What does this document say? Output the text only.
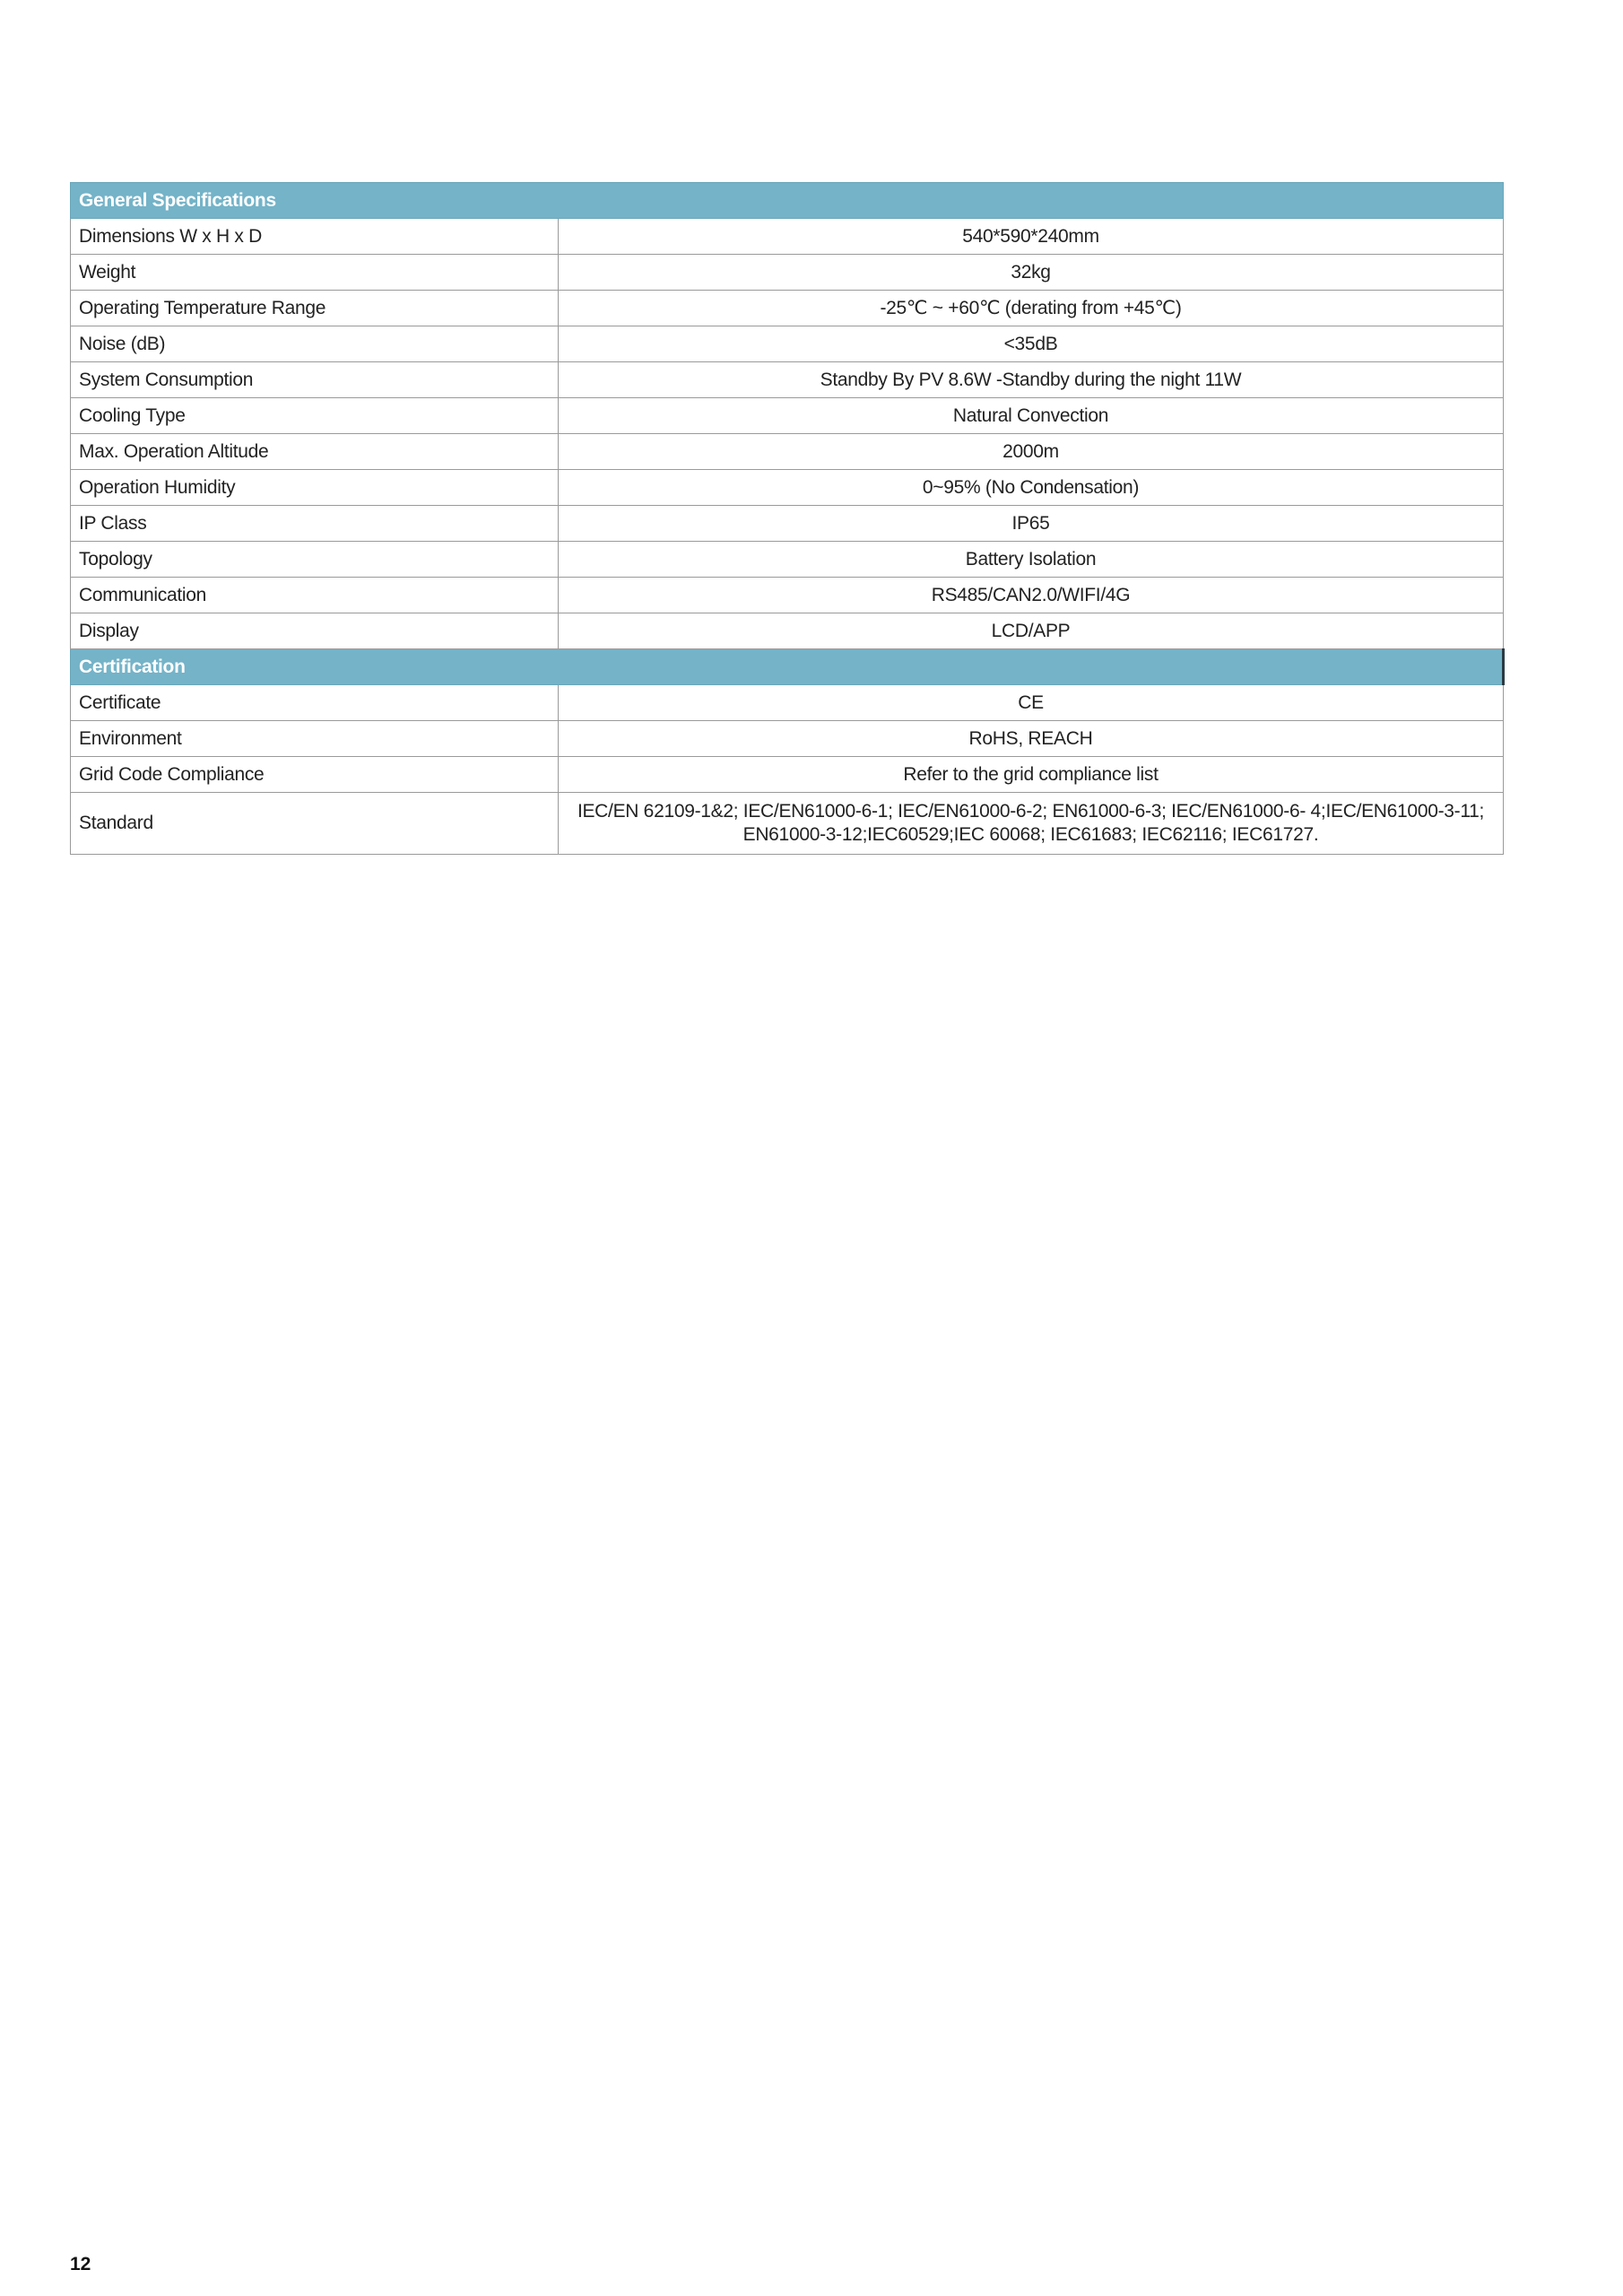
General Specifications	
Dimensions W x H x D	540*590*240mm
Weight	32kg
Operating Temperature Range	-25℃ ~ +60℃ (derating from +45℃)
Noise (dB)	<35dB
System Consumption	Standby By PV 8.6W -Standby during the night 11W
Cooling Type	Natural Convection
Max. Operation Altitude	2000m
Operation Humidity	0~95% (No Condensation)
IP Class	IP65
Topology	Battery Isolation
Communication	RS485/CAN2.0/WIFI/4G
Display	LCD/APP
Certification	
Certificate	CE
Environment	RoHS, REACH
Grid Code Compliance	Refer to the grid compliance list
Standard	IEC/EN 62109-1&2; IEC/EN61000-6-1; IEC/EN61000-6-2; EN61000-6-3; IEC/EN61000-6- 4;IEC/EN61000-3-11;
EN61000-3-12;IEC60529;IEC 60068; IEC61683; IEC62116; IEC61727.
12
